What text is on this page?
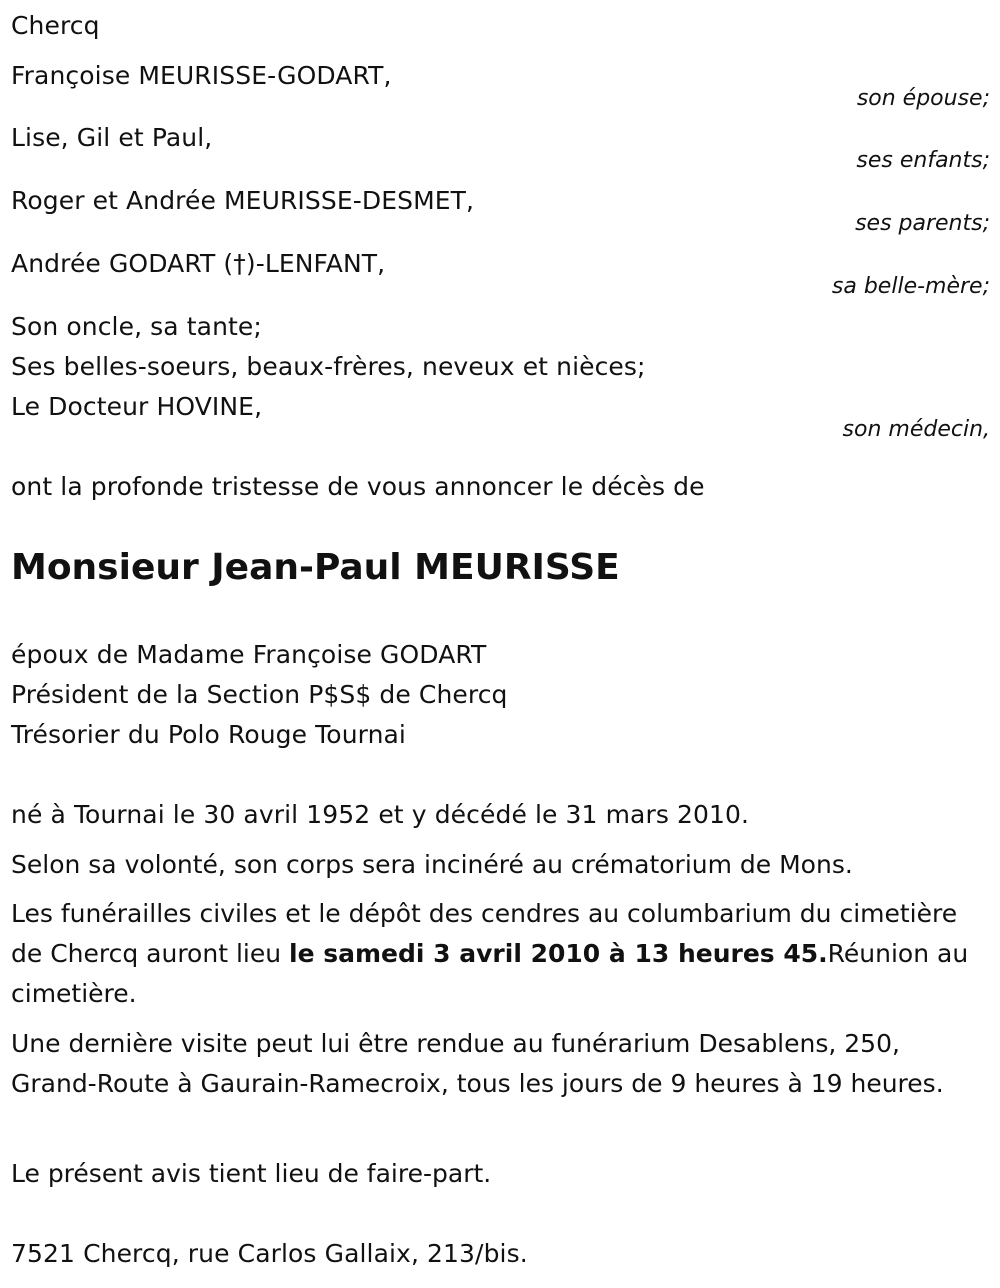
Chercq
Françoise MEURISSE-GODART,
son épouse;
Lise, Gil et Paul,
ses enfants;
Roger et Andrée MEURISSE-DESMET,
ses parents;
Andrée GODART (†)-LENFANT,
sa belle-mère;
Son oncle, sa tante;
Ses belles-soeurs, beaux-frères, neveux et nièces;
Le Docteur HOVINE,
son médecin,
ont la profonde tristesse de vous annoncer le décès de
Monsieur Jean-Paul MEURISSE
époux de Madame Françoise GODART
Président de la Section P$S$ de Chercq
Trésorier du Polo Rouge Tournai
né à Tournai le 30 avril 1952 et y décédé le 31 mars 2010.
Selon sa volonté, son corps sera incinéré au crématorium de Mons.
Les funérailles civiles et le dépôt des cendres au columbarium du cimetière de Chercq auront lieu le samedi 3 avril 2010 à 13 heures 45.Réunion au cimetière.
Une dernière visite peut lui être rendue au funérarium Desablens, 250, Grand-Route à Gaurain-Ramecroix, tous les jours de 9 heures à 19 heures.
Le présent avis tient lieu de faire-part.
7521 Chercq, rue Carlos Gallaix, 213/bis.
